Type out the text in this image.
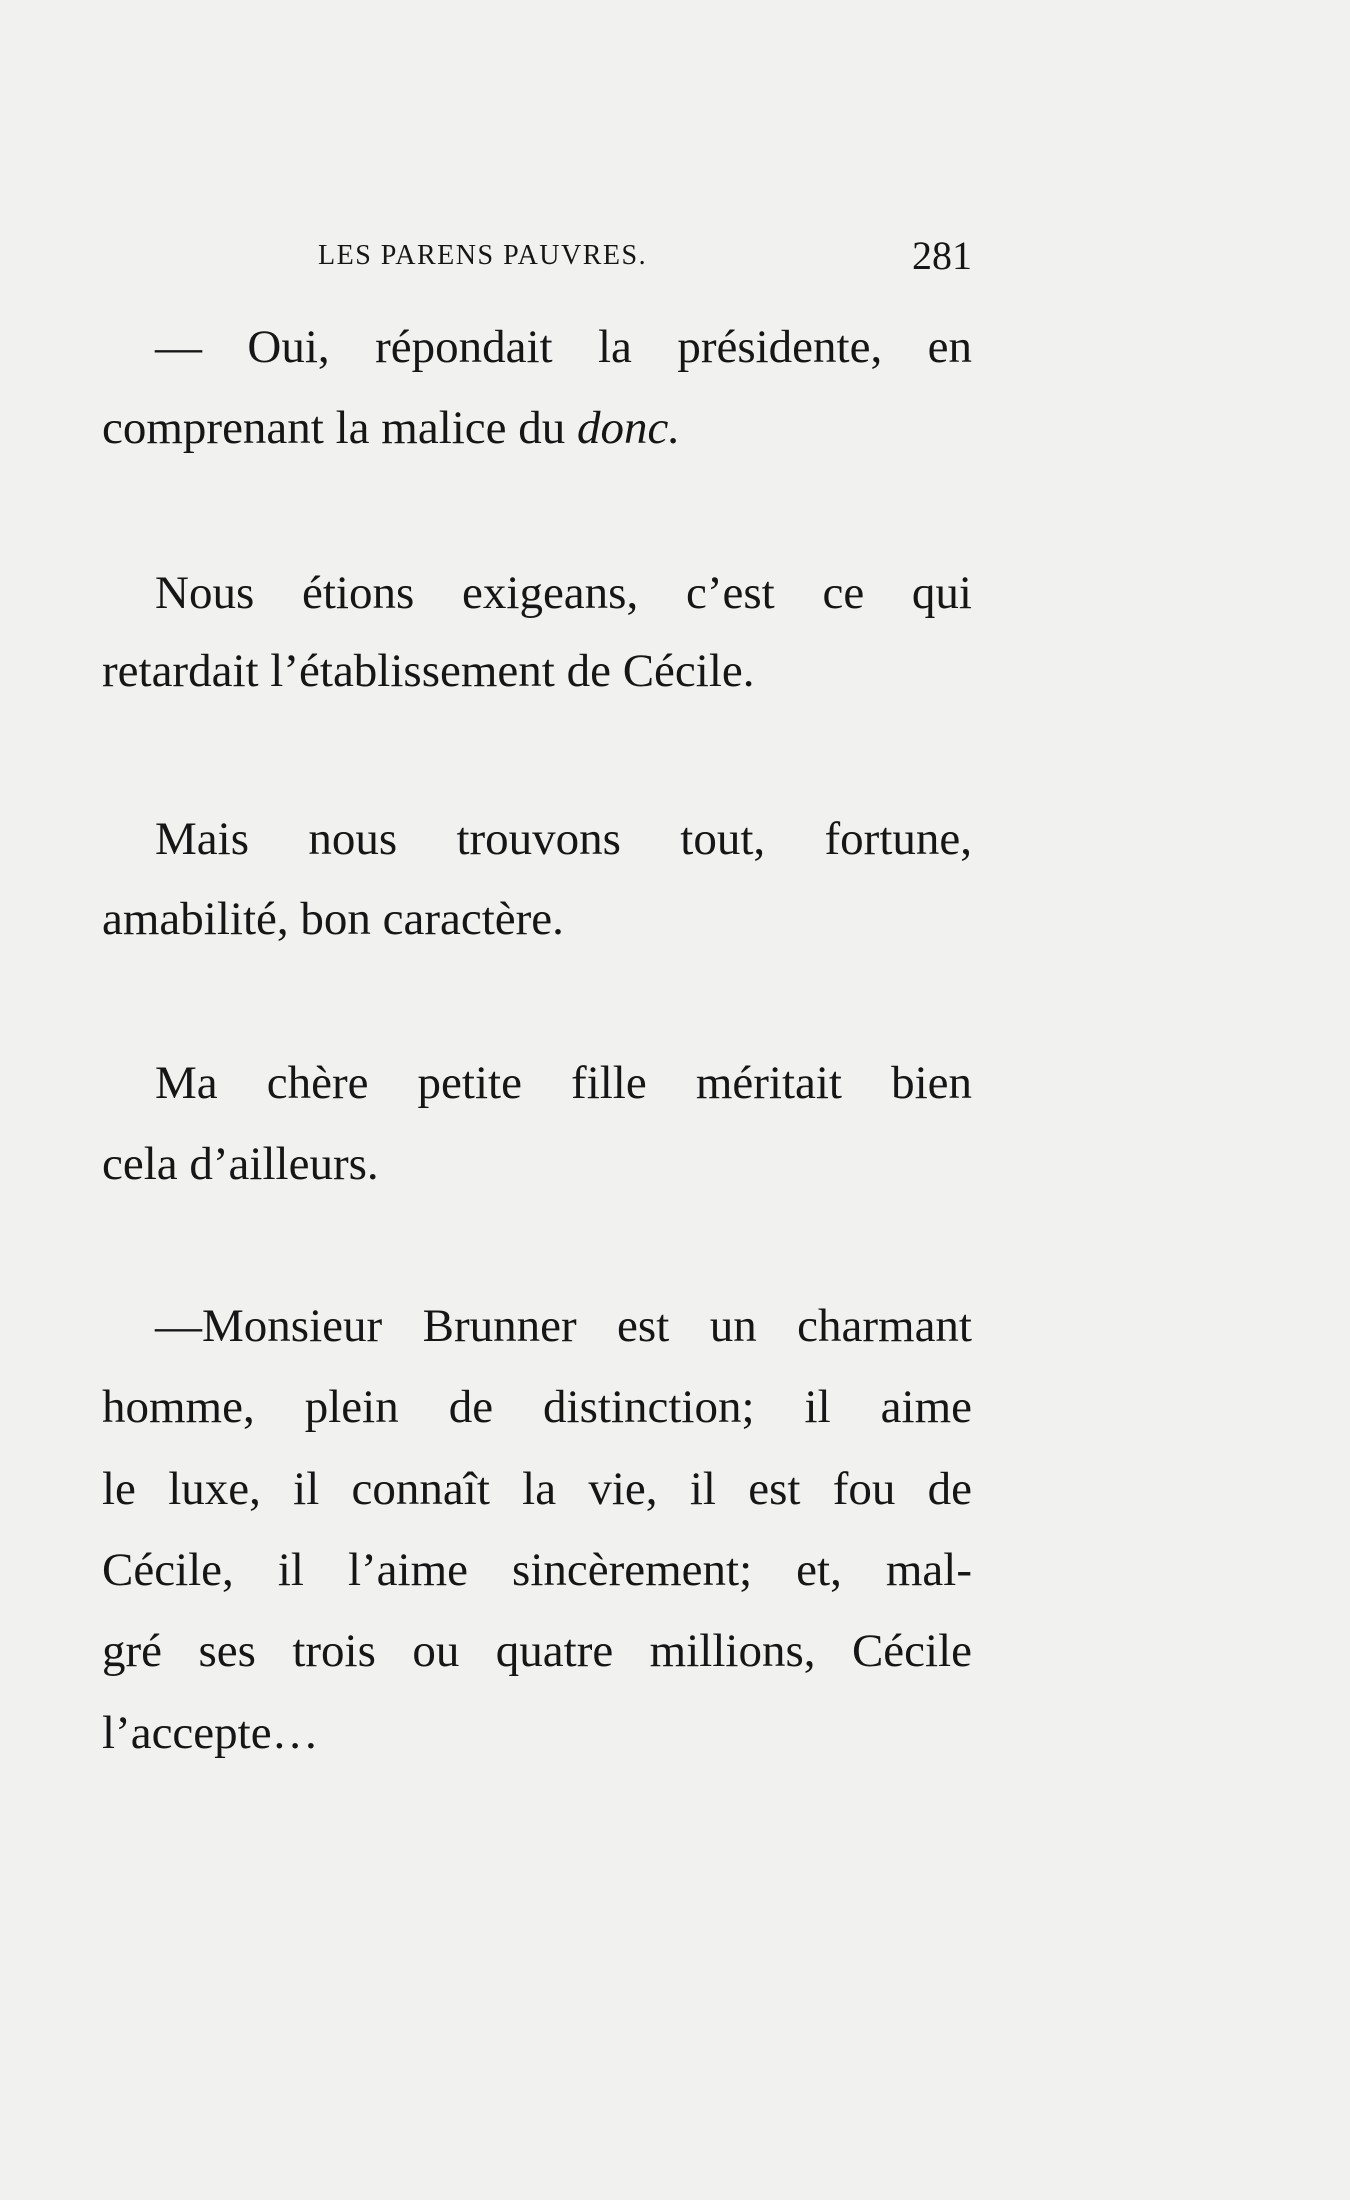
LES PARENS PAUVRES.	281
— Oui, répondait la présidente, en
comprenant la malice du donc.
Nous étions exigeans, c’est ce qui
retardait l’établissement de Cécile.
Mais nous trouvons tout, fortune,
amabilité, bon caractère.
Ma chère petite fille méritait bien
cela d’ailleurs.
—Monsieur Brunner est un charmant
homme, plein de distinction; il aime
le luxe, il connaît la vie, il est fou de
Cécile, il l’aime sincèrement; et, mal-
gré ses trois ou quatre millions, Cécile
l’accepte…
